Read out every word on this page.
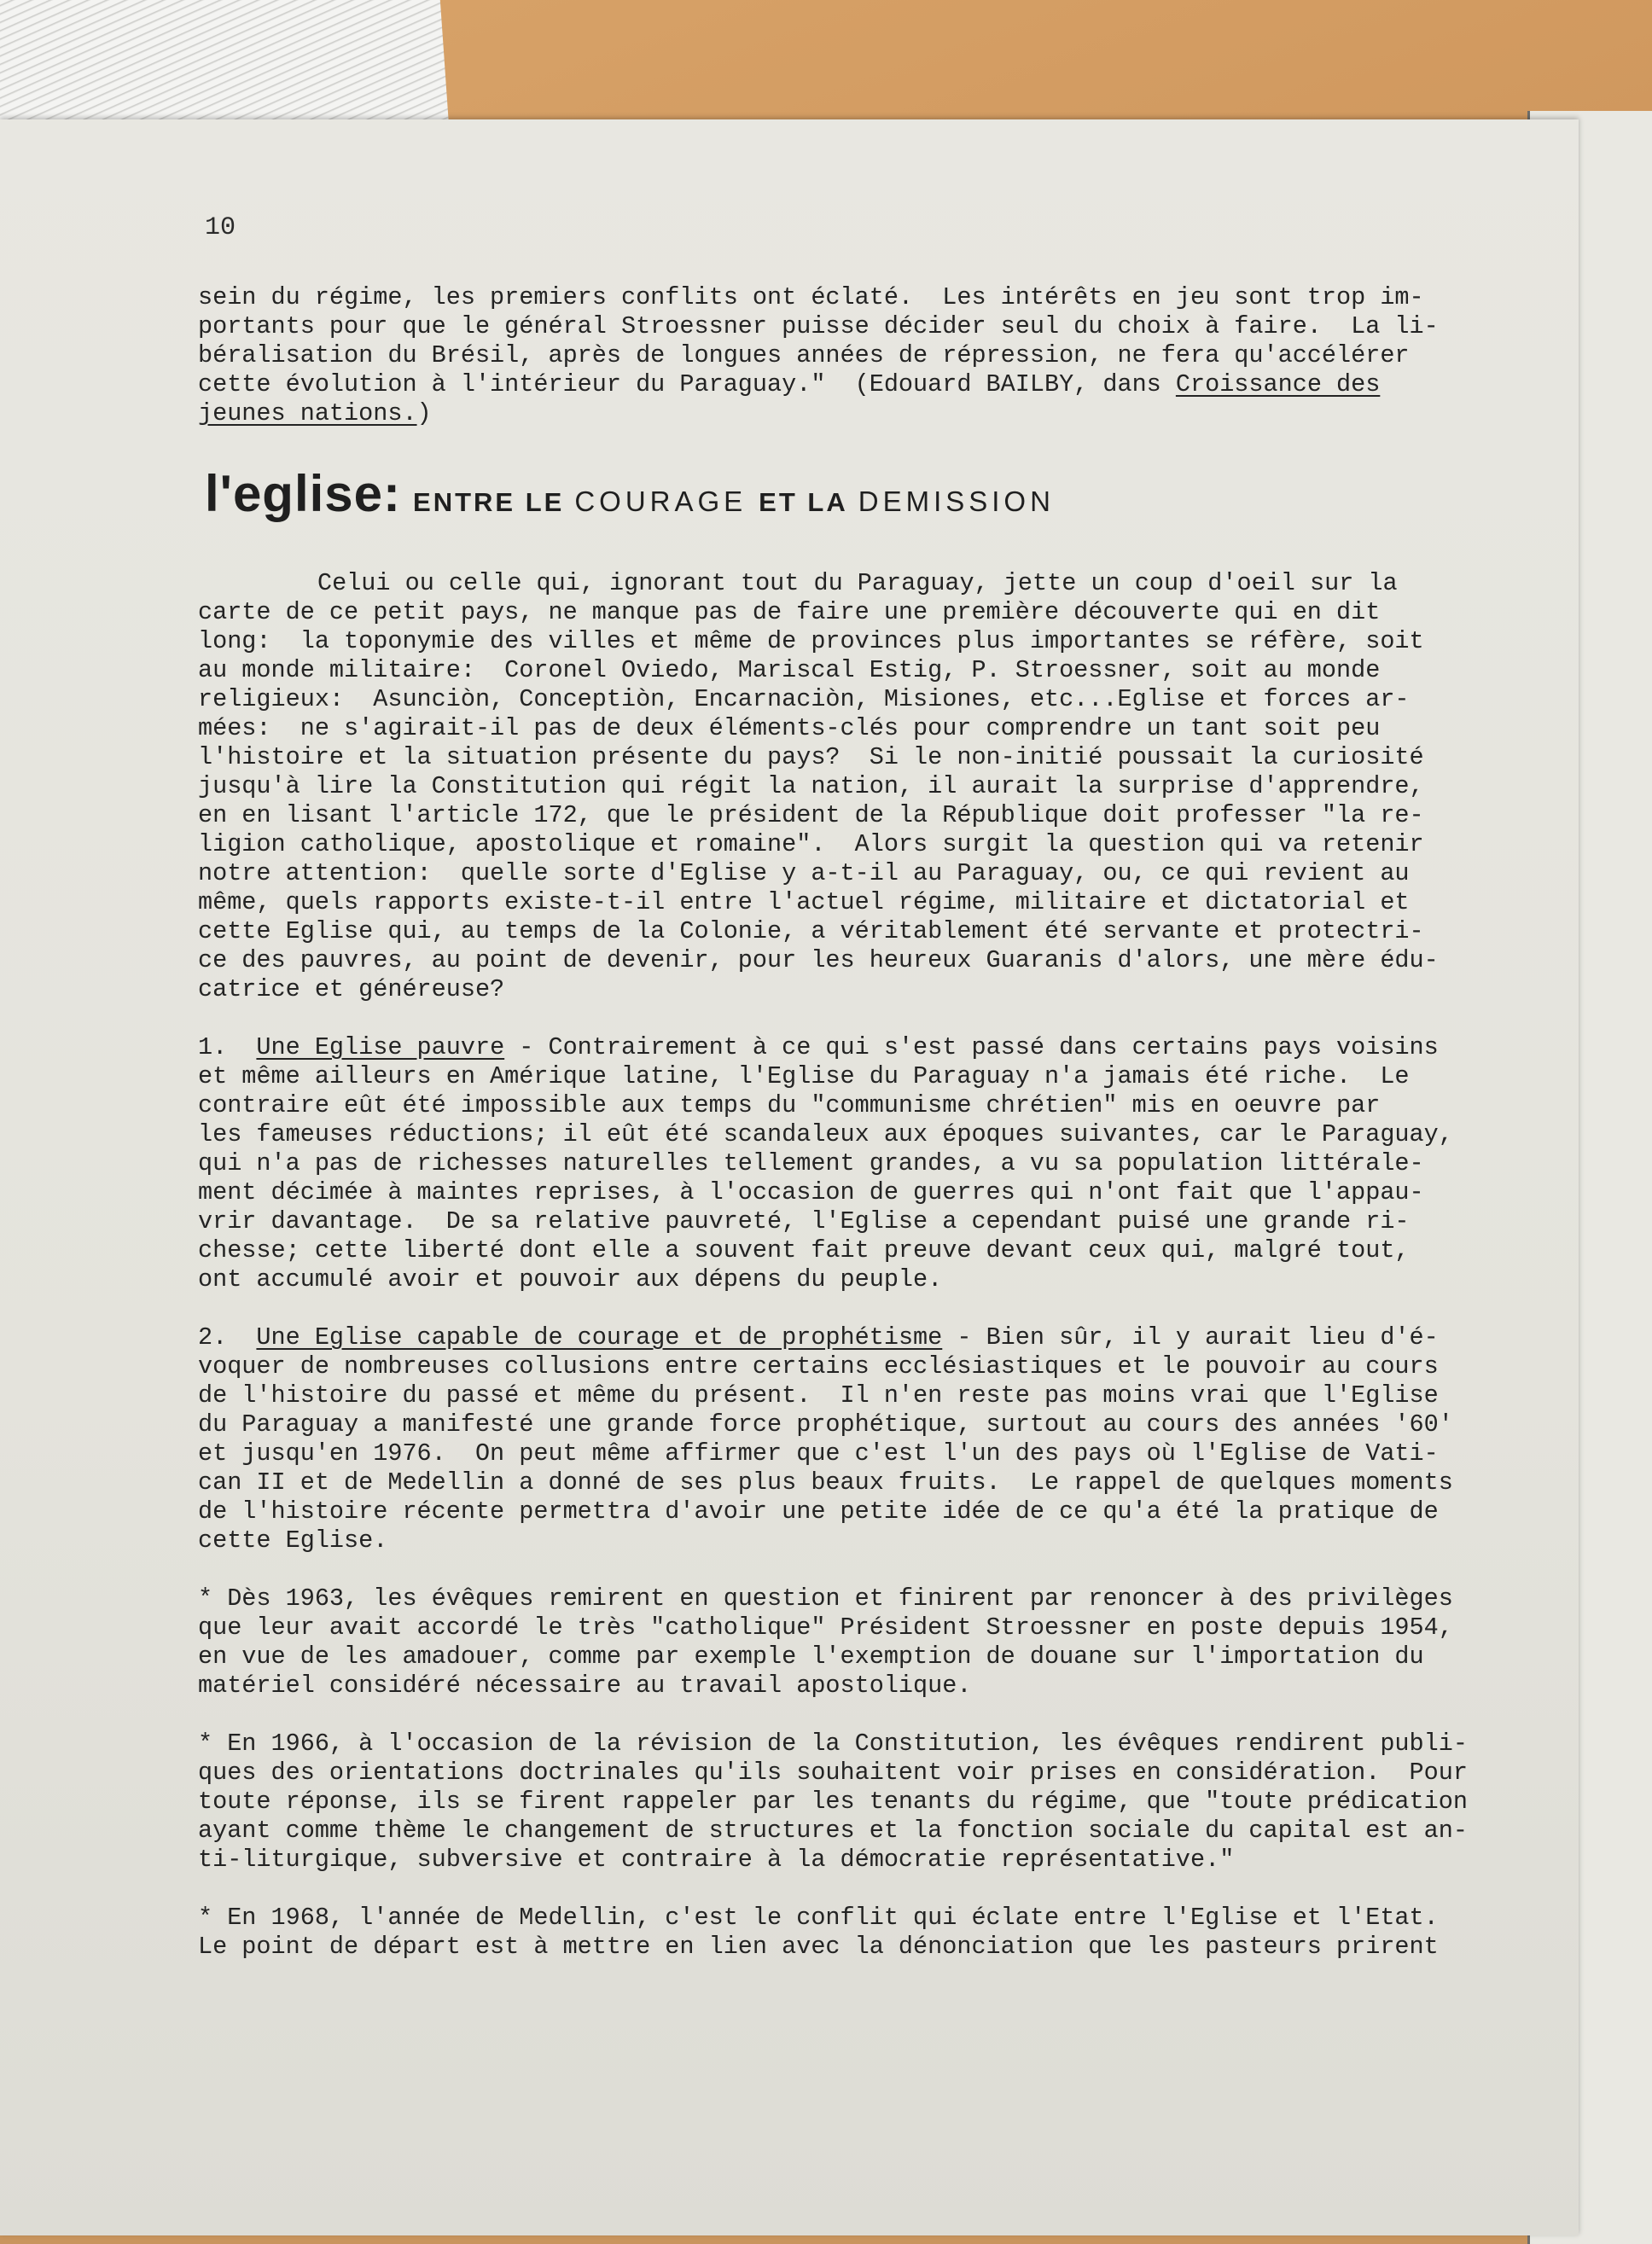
10

sein du régime, les premiers conflits ont éclaté.  Les intérêts en jeu sont trop im-
portants pour que le général Stroessner puisse décider seul du choix à faire.  La li-
béralisation du Brésil, après de longues années de répression, ne fera qu'accélérer
cette évolution à l'intérieur du Paraguay."  (Edouard BAILBY, dans Croissance des
jeunes nations.)

l'eglise: ENTRE LE COURAGE ET LA DEMISSION

Celui ou celle qui, ignorant tout du Paraguay, jette un coup d'oeil sur la
carte de ce petit pays, ne manque pas de faire une première découverte qui en dit
long:  la toponymie des villes et même de provinces plus importantes se réfère, soit
au monde militaire:  Coronel Oviedo, Mariscal Estig, P. Stroessner, soit au monde
religieux:  Asunciòn, Conceptiòn, Encarnaciòn, Misiones, etc...Eglise et forces ar-
mées:  ne s'agirait-il pas de deux éléments-clés pour comprendre un tant soit peu
l'histoire et la situation présente du pays?  Si le non-initié poussait la curiosité
jusqu'à lire la Constitution qui régit la nation, il aurait la surprise d'apprendre,
en en lisant l'article 172, que le président de la République doit professer "la re-
ligion catholique, apostolique et romaine".  Alors surgit la question qui va retenir
notre attention:  quelle sorte d'Eglise y a-t-il au Paraguay, ou, ce qui revient au
même, quels rapports existe-t-il entre l'actuel régime, militaire et dictatorial et
cette Eglise qui, au temps de la Colonie, a véritablement été servante et protectri-
ce des pauvres, au point de devenir, pour les heureux Guaranis d'alors, une mère édu-
catrice et généreuse?

1.  Une Eglise pauvre - Contrairement à ce qui s'est passé dans certains pays voisins
et même ailleurs en Amérique latine, l'Eglise du Paraguay n'a jamais été riche.  Le
contraire eût été impossible aux temps du "communisme chrétien" mis en oeuvre par
les fameuses réductions; il eût été scandaleux aux époques suivantes, car le Paraguay,
qui n'a pas de richesses naturelles tellement grandes, a vu sa population littérale-
ment décimée à maintes reprises, à l'occasion de guerres qui n'ont fait que l'appau-
vrir davantage.  De sa relative pauvreté, l'Eglise a cependant puisé une grande ri-
chesse; cette liberté dont elle a souvent fait preuve devant ceux qui, malgré tout,
ont accumulé avoir et pouvoir aux dépens du peuple.

2.  Une Eglise capable de courage et de prophétisme - Bien sûr, il y aurait lieu d'é-
voquer de nombreuses collusions entre certains ecclésiastiques et le pouvoir au cours
de l'histoire du passé et même du présent.  Il n'en reste pas moins vrai que l'Eglise
du Paraguay a manifesté une grande force prophétique, surtout au cours des années '60'
et jusqu'en 1976.  On peut même affirmer que c'est l'un des pays où l'Eglise de Vati-
can II et de Medellin a donné de ses plus beaux fruits.  Le rappel de quelques moments
de l'histoire récente permettra d'avoir une petite idée de ce qu'a été la pratique de
cette Eglise.

* Dès 1963, les évêques remirent en question et finirent par renoncer à des privilèges
que leur avait accordé le très "catholique" Président Stroessner en poste depuis 1954,
en vue de les amadouer, comme par exemple l'exemption de douane sur l'importation du
matériel considéré nécessaire au travail apostolique.

* En 1966, à l'occasion de la révision de la Constitution, les évêques rendirent publi-
ques des orientations doctrinales qu'ils souhaitent voir prises en considération.  Pour
toute réponse, ils se firent rappeler par les tenants du régime, que "toute prédication
ayant comme thème le changement de structures et la fonction sociale du capital est an-
ti-liturgique, subversive et contraire à la démocratie représentative."

* En 1968, l'année de Medellin, c'est le conflit qui éclate entre l'Eglise et l'Etat.
Le point de départ est à mettre en lien avec la dénonciation que les pasteurs prirent
